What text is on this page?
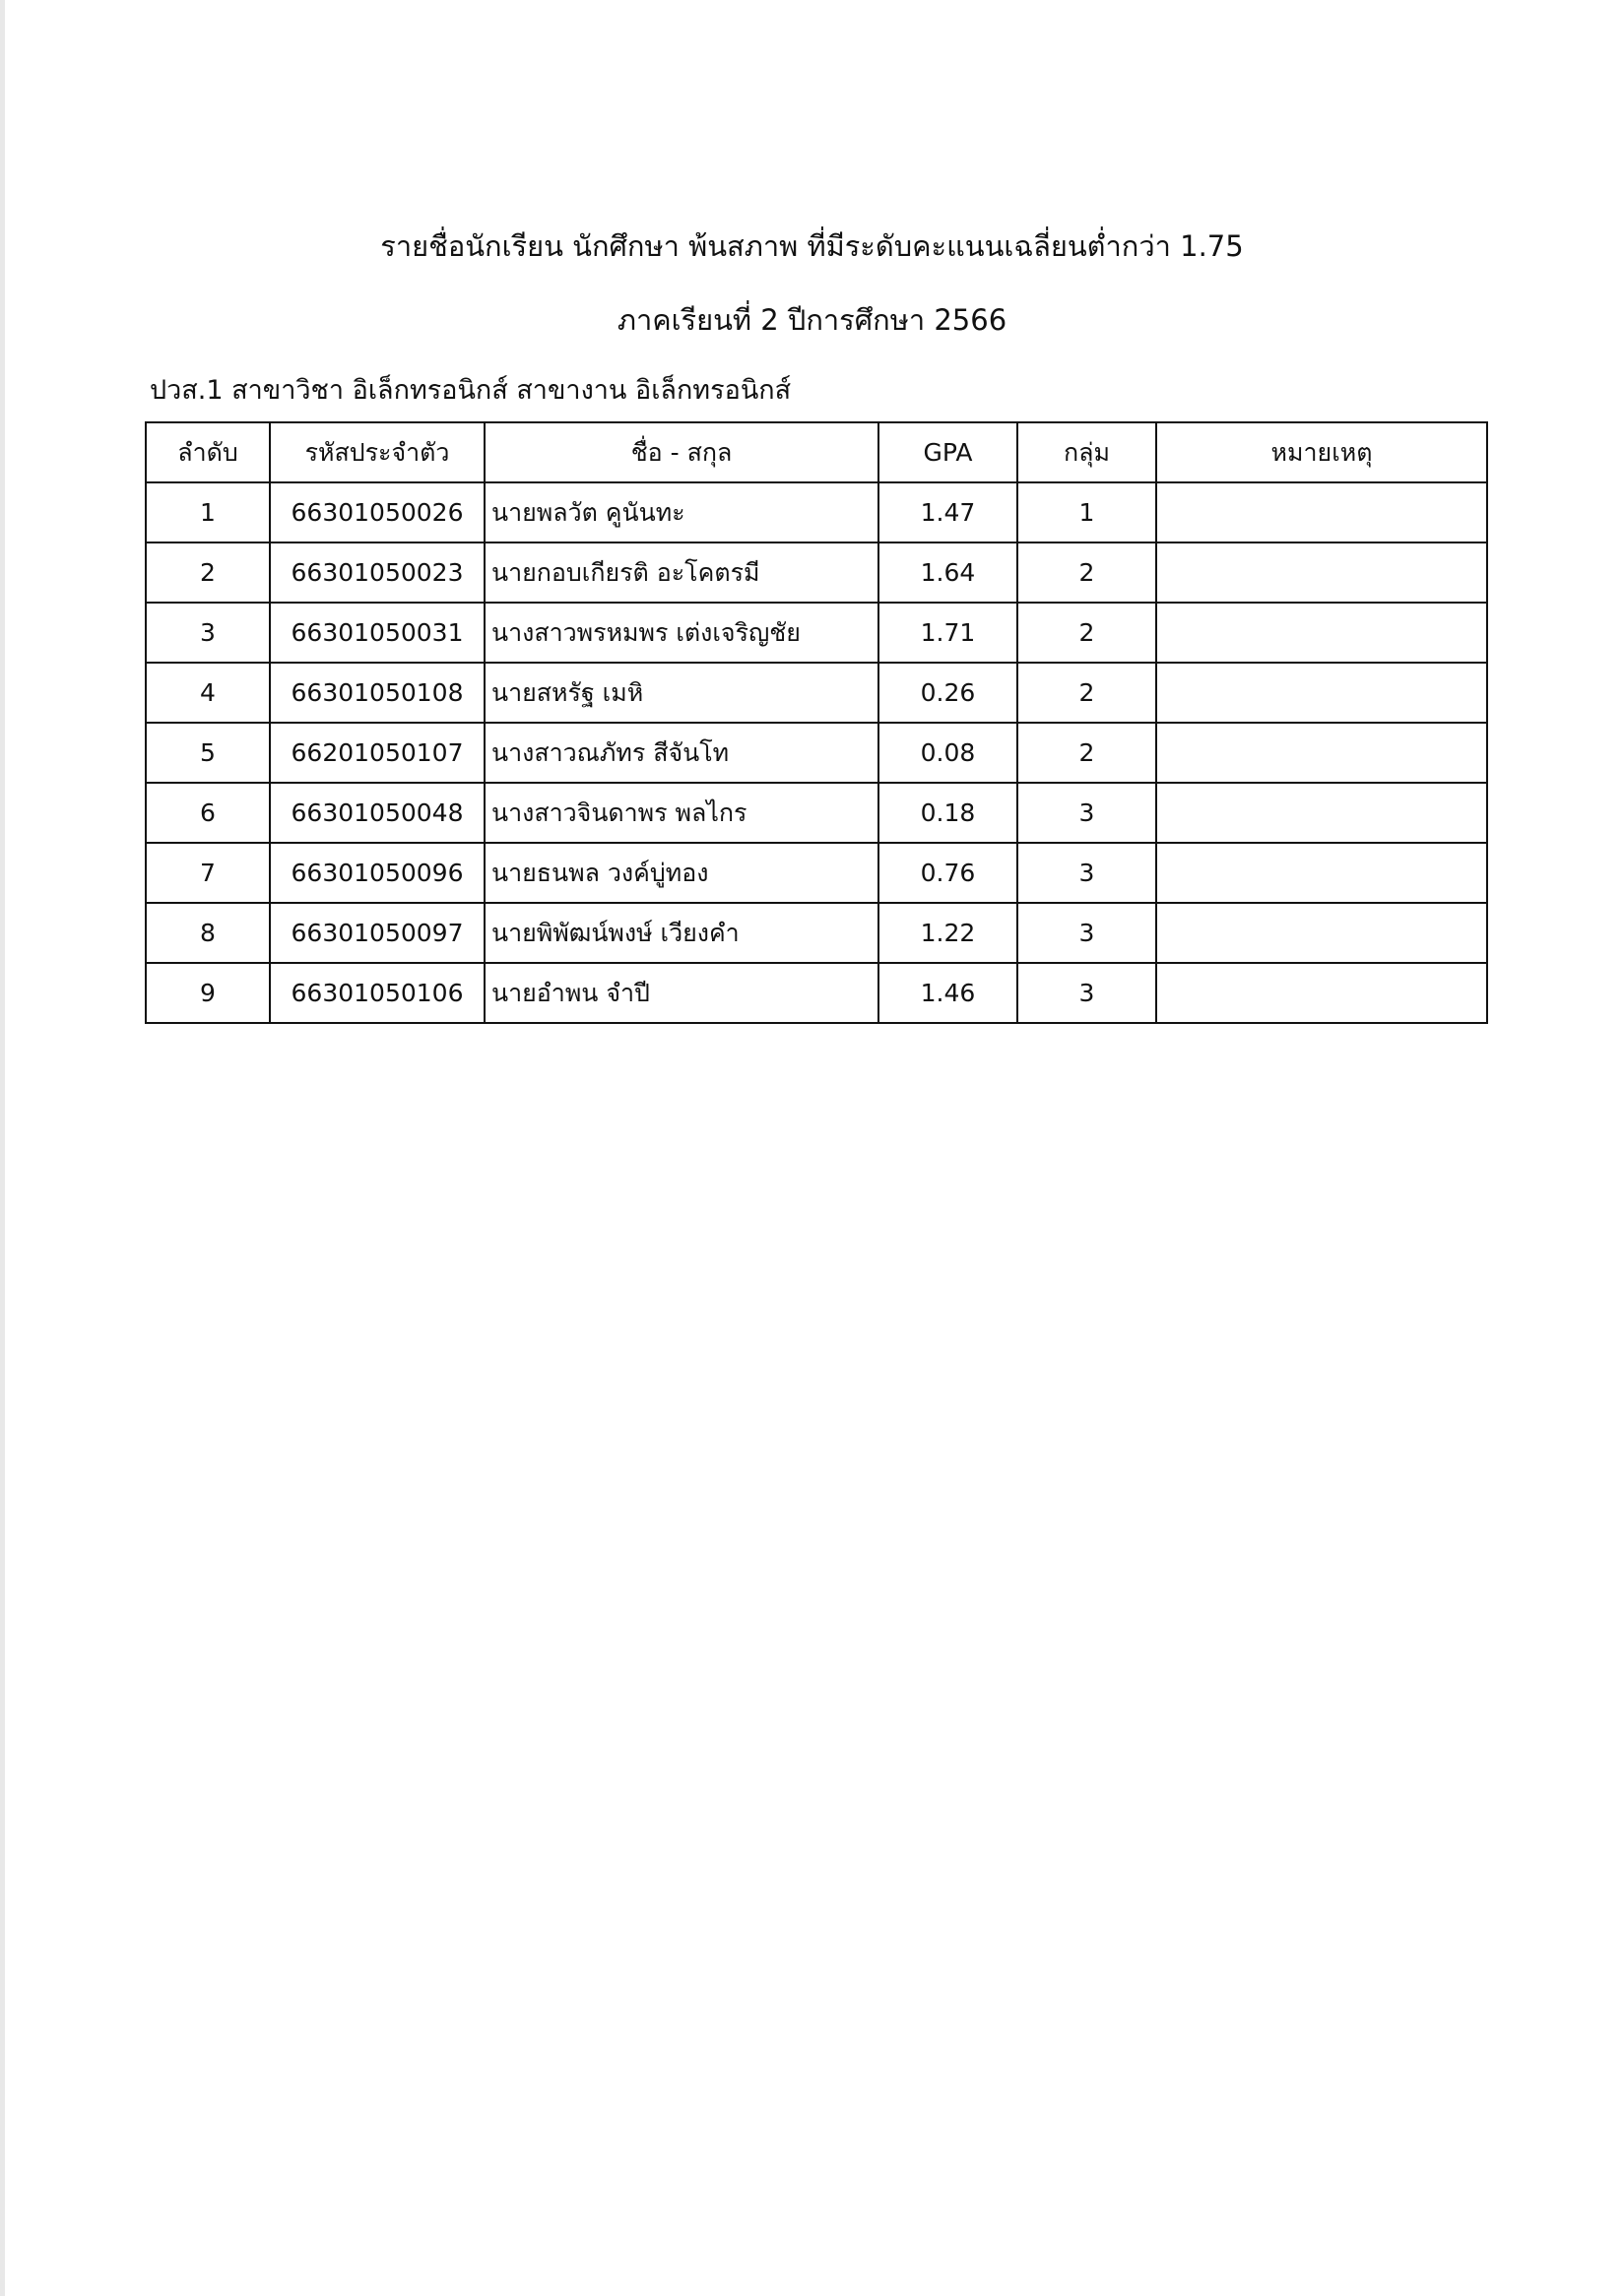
รายชื่อนักเรียน นักศึกษา พ้นสภาพ ที่มีระดับคะแนนเฉลี่ยนต่ำกว่า 1.75
ภาคเรียนที่ 2 ปีการศึกษา 2566
ปวส.1 สาขาวิชา อิเล็กทรอนิกส์ สาขางาน อิเล็กทรอนิกส์
ลำดับ	รหัสประจำตัว	ชื่อ - สกุล	GPA	กลุ่ม	หมายเหตุ
1	66301050026	นายพลวัต คูนันทะ	1.47	1	
2	66301050023	นายกอบเกียรติ อะโคตรมี	1.64	2	
3	66301050031	นางสาวพรหมพร เต่งเจริญชัย	1.71	2	
4	66301050108	นายสหรัฐ เมหิ	0.26	2	
5	66201050107	นางสาวณภัทร สีจันโท	0.08	2	
6	66301050048	นางสาวจินดาพร พลไกร	0.18	3	
7	66301050096	นายธนพล วงค์บู่ทอง	0.76	3	
8	66301050097	นายพิพัฒน์พงษ์ เวียงคำ	1.22	3	
9	66301050106	นายอำพน จำปี	1.46	3	
